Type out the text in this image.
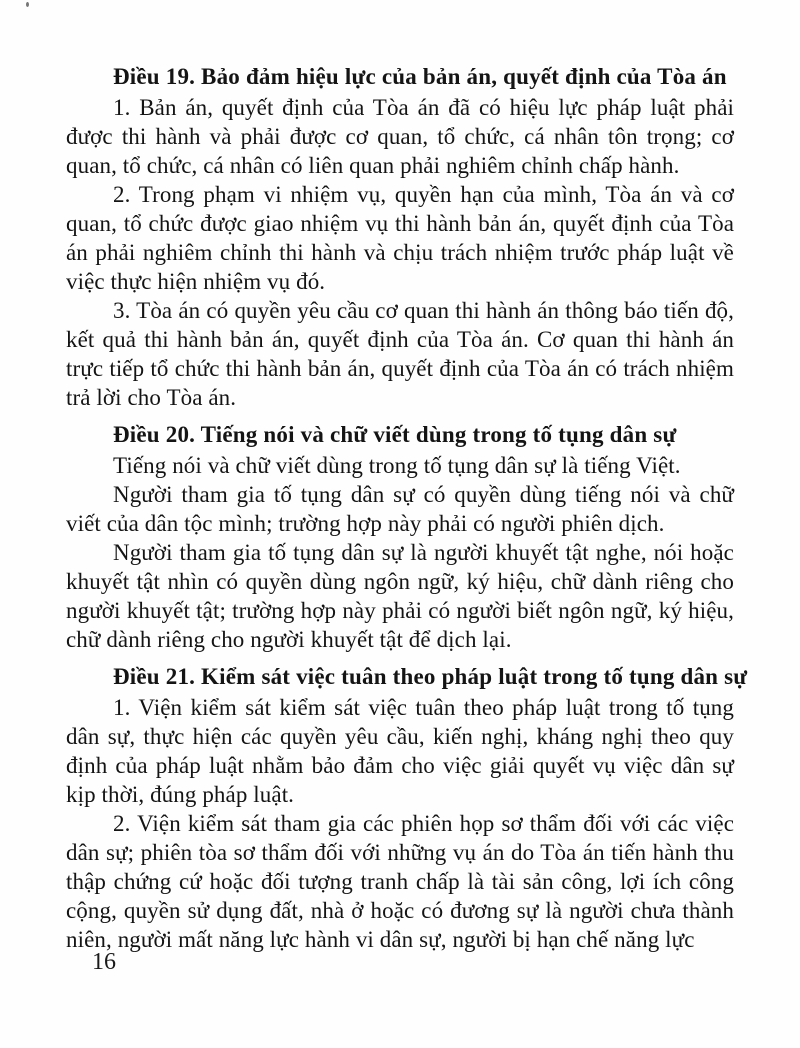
Điều 19. Bảo đảm hiệu lực của bản án, quyết định của Tòa án

1. Bản án, quyết định của Tòa án đã có hiệu lực pháp luật phải được thi hành và phải được cơ quan, tổ chức, cá nhân tôn trọng; cơ quan, tổ chức, cá nhân có liên quan phải nghiêm chỉnh chấp hành.

2. Trong phạm vi nhiệm vụ, quyền hạn của mình, Tòa án và cơ quan, tổ chức được giao nhiệm vụ thi hành bản án, quyết định của Tòa án phải nghiêm chỉnh thi hành và chịu trách nhiệm trước pháp luật về việc thực hiện nhiệm vụ đó.

3. Tòa án có quyền yêu cầu cơ quan thi hành án thông báo tiến độ, kết quả thi hành bản án, quyết định của Tòa án. Cơ quan thi hành án trực tiếp tổ chức thi hành bản án, quyết định của Tòa án có trách nhiệm trả lời cho Tòa án.

Điều 20. Tiếng nói và chữ viết dùng trong tố tụng dân sự

Tiếng nói và chữ viết dùng trong tố tụng dân sự là tiếng Việt.

Người tham gia tố tụng dân sự có quyền dùng tiếng nói và chữ viết của dân tộc mình; trường hợp này phải có người phiên dịch.

Người tham gia tố tụng dân sự là người khuyết tật nghe, nói hoặc khuyết tật nhìn có quyền dùng ngôn ngữ, ký hiệu, chữ dành riêng cho người khuyết tật; trường hợp này phải có người biết ngôn ngữ, ký hiệu, chữ dành riêng cho người khuyết tật để dịch lại.

Điều 21. Kiểm sát việc tuân theo pháp luật trong tố tụng dân sự

1. Viện kiểm sát kiểm sát việc tuân theo pháp luật trong tố tụng dân sự, thực hiện các quyền yêu cầu, kiến nghị, kháng nghị theo quy định của pháp luật nhằm bảo đảm cho việc giải quyết vụ việc dân sự kịp thời, đúng pháp luật.

2. Viện kiểm sát tham gia các phiên họp sơ thẩm đối với các việc dân sự; phiên tòa sơ thẩm đối với những vụ án do Tòa án tiến hành thu thập chứng cứ hoặc đối tượng tranh chấp là tài sản công, lợi ích công cộng, quyền sử dụng đất, nhà ở hoặc có đương sự là người chưa thành niên, người mất năng lực hành vi dân sự, người bị hạn chế năng lực

16
